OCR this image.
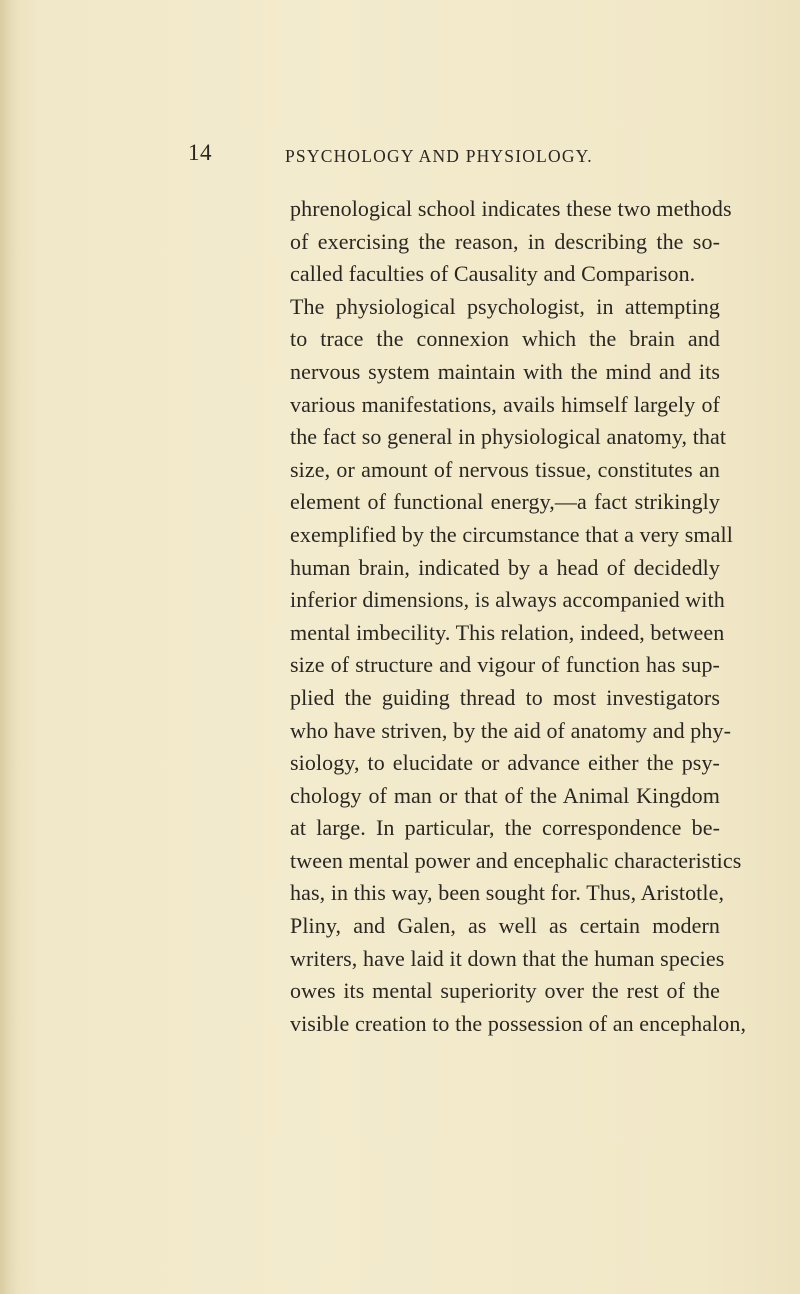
14	PSYCHOLOGY AND PHYSIOLOGY.
phrenological school indicates these two methods
of exercising the reason, in describing the so-
called faculties of Causality and Comparison.
The physiological psychologist, in attempting
to trace the connexion which the brain and
nervous system maintain with the mind and its
various manifestations, avails himself largely of
the fact so general in physiological anatomy, that
size, or amount of nervous tissue, constitutes an
element of functional energy,—a fact strikingly
exemplified by the circumstance that a very small
human brain, indicated by a head of decidedly
inferior dimensions, is always accompanied with
mental imbecility. This relation, indeed, between
size of structure and vigour of function has sup-
plied the guiding thread to most investigators
who have striven, by the aid of anatomy and phy-
siology, to elucidate or advance either the psy-
chology of man or that of the Animal Kingdom
at large. In particular, the correspondence be-
tween mental power and encephalic characteristics
has, in this way, been sought for. Thus, Aristotle,
Pliny, and Galen, as well as certain modern
writers, have laid it down that the human species
owes its mental superiority over the rest of the
visible creation to the possession of an encephalon,
